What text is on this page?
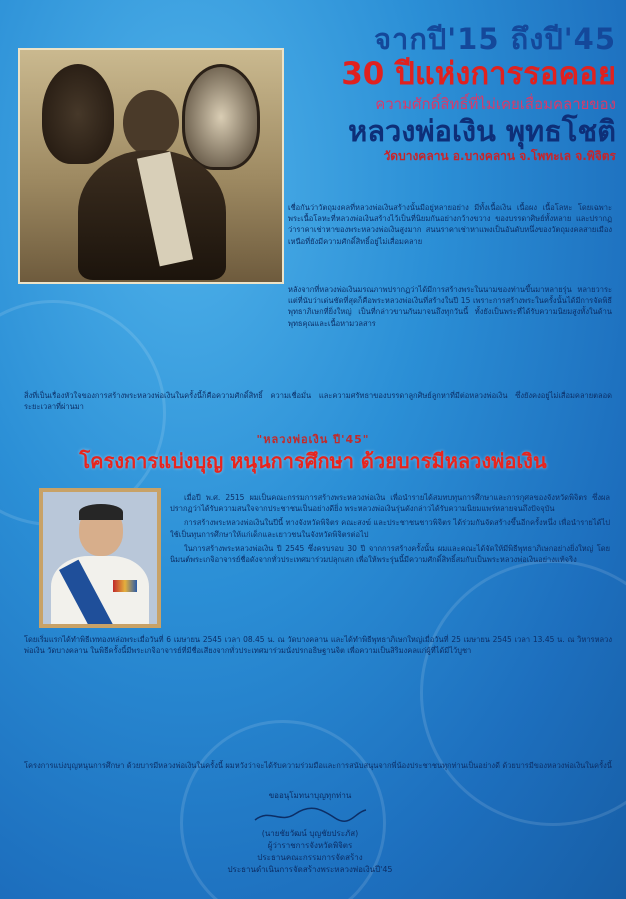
จากปี'15 ถึงปี'45
30 ปีแห่งการรอคอย
ความศักดิ์สิทธิ์ที่ไม่เคยเสื่อมคลายของ
หลวงพ่อเงิน พุทธโชติ
วัดบางคลาน อ.บางคลาน จ.โพทะเล จ.พิจิตร
เชื่อกันว่าวัตถุมงคลที่หลวงพ่อเงินสร้างนั้นมีอยู่หลายอย่าง มีทั้งเนื้อเงิน เนื้อผง เนื้อโลหะ โดยเฉพาะพระเนื้อโลหะที่หลวงพ่อเงินสร้างไว้เป็นที่นิยมกันอย่างกว้างขวาง ของบรรดาศิษย์ทั้งหลาย และปรากฏว่าราคาเช่าหาของพระหลวงพ่อเงินสูงมาก สนนราคาเช่าหาแพงเป็นอันดับหนึ่งของวัตถุมงคลสายเมืองเหนือที่ยังมีความศักดิ์สิทธิ์อยู่ไม่เสื่อมคลาย
หลังจากที่หลวงพ่อเงินมรณภาพปรากฏว่าได้มีการสร้างพระในนามของท่านขึ้นมาหลายรุ่น หลายวาระ แต่ที่นับว่าเด่นชัดที่สุดก็คือพระหลวงพ่อเงินที่สร้างในปี 15 เพราะการสร้างพระในครั้งนั้นได้มีการจัดพิธีพุทธาภิเษกที่ยิ่งใหญ่ เป็นที่กล่าวขานกันมาจนถึงทุกวันนี้ ทั้งยังเป็นพระที่ได้รับความนิยมสูงทั้งในด้านพุทธคุณและเนื้อหามวลสาร
สิ่งที่เป็นเรื่องหัวใจของการสร้างพระหลวงพ่อเงินในครั้งนี้ก็คือความศักดิ์สิทธิ์ ความเชื่อมั่น และความศรัทธาของบรรดาลูกศิษย์ลูกหาที่มีต่อหลวงพ่อเงิน ซึ่งยังคงอยู่ไม่เสื่อมคลายตลอดระยะเวลาที่ผ่านมา
"หลวงพ่อเงิน ปี'45"
โครงการแบ่งบุญ หนุนการศึกษา ด้วยบารมีหลวงพ่อเงิน

เมื่อปี พ.ศ. 2515 ผมเป็นคณะกรรมการสร้างพระหลวงพ่อเงิน เพื่อนำรายได้สมทบทุนการศึกษาและการกุศลของจังหวัดพิจิตร ซึ่งผลปรากฏว่าได้รับความสนใจจากประชาชนเป็นอย่างดียิ่ง พระหลวงพ่อเงินรุ่นดังกล่าวได้รับความนิยมแพร่หลายจนถึงปัจจุบัน

การสร้างพระหลวงพ่อเงินในปีนี้ ทางจังหวัดพิจิตร คณะสงฆ์ และประชาชนชาวพิจิตร ได้ร่วมกันจัดสร้างขึ้นอีกครั้งหนึ่ง เพื่อนำรายได้ไปใช้เป็นทุนการศึกษาให้แก่เด็กและเยาวชนในจังหวัดพิจิตรต่อไป

ในการสร้างพระหลวงพ่อเงิน ปี 2545 ซึ่งครบรอบ 30 ปี จากการสร้างครั้งนั้น ผมและคณะได้จัดให้มีพิธีพุทธาภิเษกอย่างยิ่งใหญ่ โดยนิมนต์พระเกจิอาจารย์ชื่อดังจากทั่วประเทศมาร่วมปลุกเสก เพื่อให้พระรุ่นนี้มีความศักดิ์สิทธิ์สมกับเป็นพระหลวงพ่อเงินอย่างแท้จริง

โดยเริ่มแรกได้ทำพิธีเททองหล่อพระเมื่อวันที่ 6 เมษายน 2545 เวลา 08.45 น. ณ วัดบางคลาน และได้ทำพิธีพุทธาภิเษกใหญ่เมื่อวันที่ 25 เมษายน 2545 เวลา 13.45 น. ณ วิหารหลวงพ่อเงิน วัดบางคลาน ในพิธีครั้งนี้มีพระเกจิอาจารย์ที่มีชื่อเสียงจากทั่วประเทศมาร่วมนั่งปรกอธิษฐานจิต เพื่อความเป็นสิริมงคลแก่ผู้ที่ได้มีไว้บูชา
โครงการแบ่งบุญหนุนการศึกษา ด้วยบารมีหลวงพ่อเงินในครั้งนี้ ผมหวังว่าจะได้รับความร่วมมือและการสนับสนุนจากพี่น้องประชาชนทุกท่านเป็นอย่างดี ด้วยบารมีของหลวงพ่อเงินในครั้งนี้
ขออนุโมทนาบุญทุกท่าน
(นายชัยวัฒน์ บุญชัยประภัส)
ผู้ว่าราชการจังหวัดพิจิตร
ประธานคณะกรรมการจัดสร้าง
ประธานดำเนินการจัดสร้างพระหลวงพ่อเงินปี'45
